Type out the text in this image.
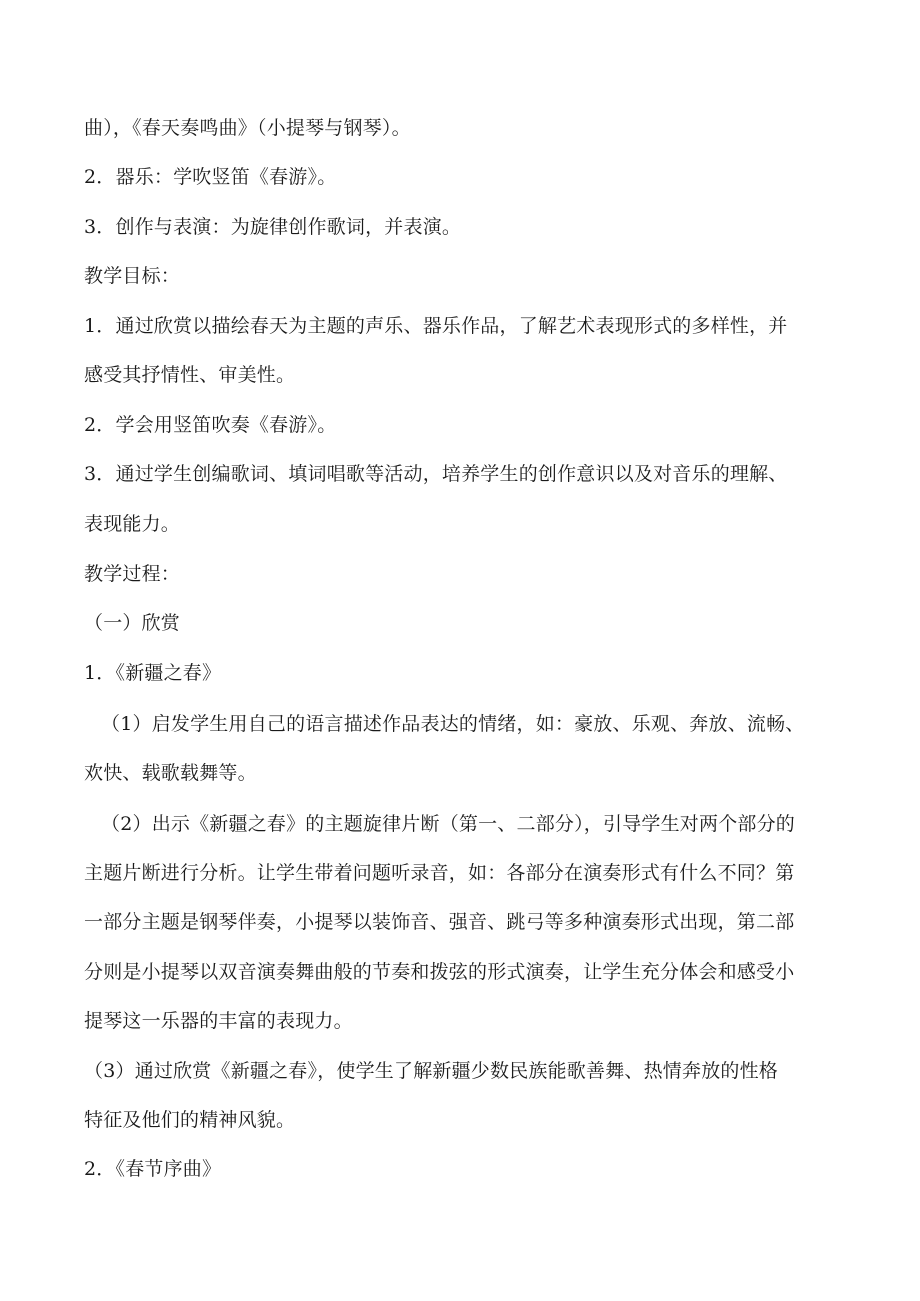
曲），《春天奏鸣曲》（小提琴与钢琴）。
2．器乐：学吹竖笛《春游》。
3．创作与表演：为旋律创作歌词，并表演。
教学目标：
1．通过欣赏以描绘春天为主题的声乐、器乐作品，了解艺术表现形式的多样性，并
感受其抒情性、审美性。
2．学会用竖笛吹奏《春游》。
3．通过学生创编歌词、填词唱歌等活动，培养学生的创作意识以及对音乐的理解、
表现能力。
教学过程：
（一）欣赏
1．《新疆之春》
（1）启发学生用自己的语言描述作品表达的情绪，如：豪放、乐观、奔放、流畅、
欢快、载歌载舞等。
（2）出示《新疆之春》的主题旋律片断（第一、二部分），引导学生对两个部分的
主题片断进行分析。让学生带着问题听录音，如：各部分在演奏形式有什么不同？第
一部分主题是钢琴伴奏，小提琴以装饰音、强音、跳弓等多种演奏形式出现，第二部
分则是小提琴以双音演奏舞曲般的节奏和拨弦的形式演奏，让学生充分体会和感受小
提琴这一乐器的丰富的表现力。
（3）通过欣赏《新疆之春》，使学生了解新疆少数民族能歌善舞、热情奔放的性格
特征及他们的精神风貌。
2．《春节序曲》
